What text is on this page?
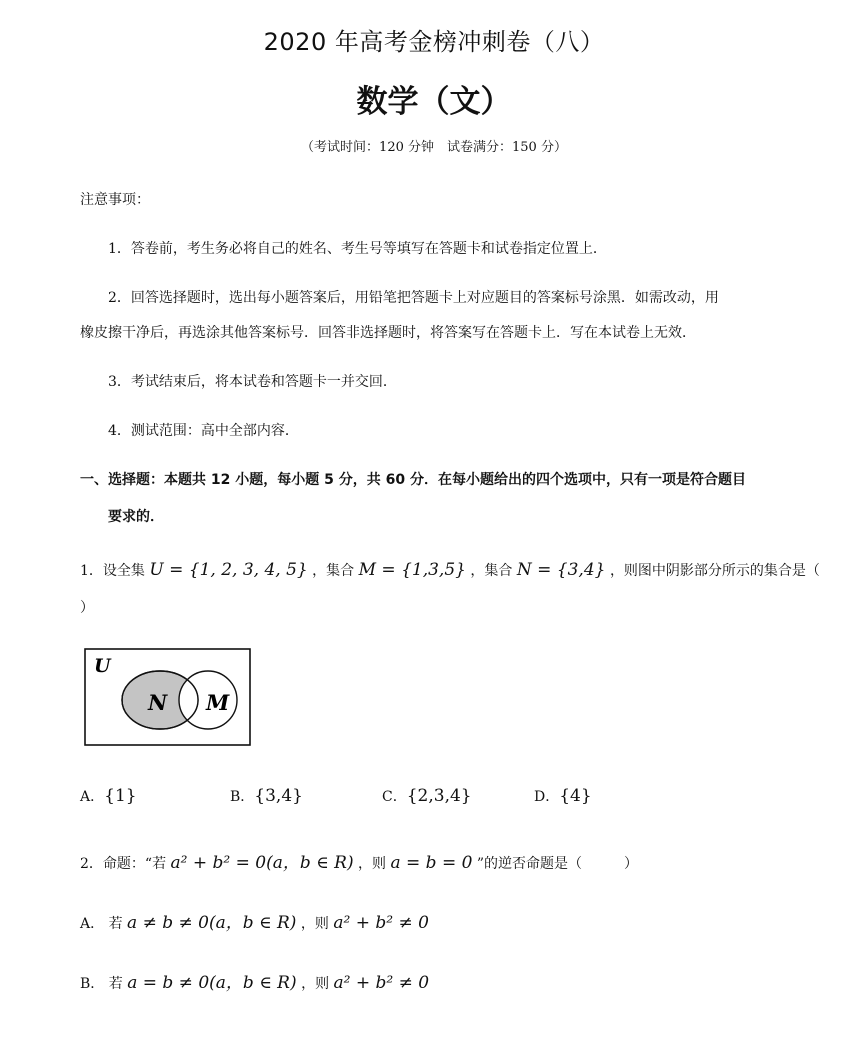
2020 年高考金榜冲刺卷（八）
数学（文）
（考试时间：120 分钟　试卷满分：150 分）
注意事项：
1．答卷前，考生务必将自己的姓名、考生号等填写在答题卡和试卷指定位置上．
2．回答选择题时，选出每小题答案后，用铅笔把答题卡上对应题目的答案标号涂黑．如需改动，用
橡皮擦干净后，再选涂其他答案标号．回答非选择题时，将答案写在答题卡上．写在本试卷上无效．
3．考试结束后，将本试卷和答题卡一并交回．
4．测试范围：高中全部内容．
一、选择题：本题共 12 小题，每小题 5 分，共 60 分．在每小题给出的四个选项中，只有一项是符合题目
要求的．
1．设全集 U = {1, 2, 3, 4, 5} ，集合 M = {1,3,5} ，集合 N = {3,4} ，则图中阴影部分所示的集合是（
）
U
N M
A．{1}	B．{3,4}	C．{2,3,4}	D．{4}
2．命题：“若 a² + b² = 0(a，b ∈ R) ，则 a = b = 0 ”的逆否命题是（　　　）
A． 若 a ≠ b ≠ 0(a，b ∈ R) ，则 a² + b² ≠ 0
B． 若 a = b ≠ 0(a，b ∈ R) ，则 a² + b² ≠ 0
